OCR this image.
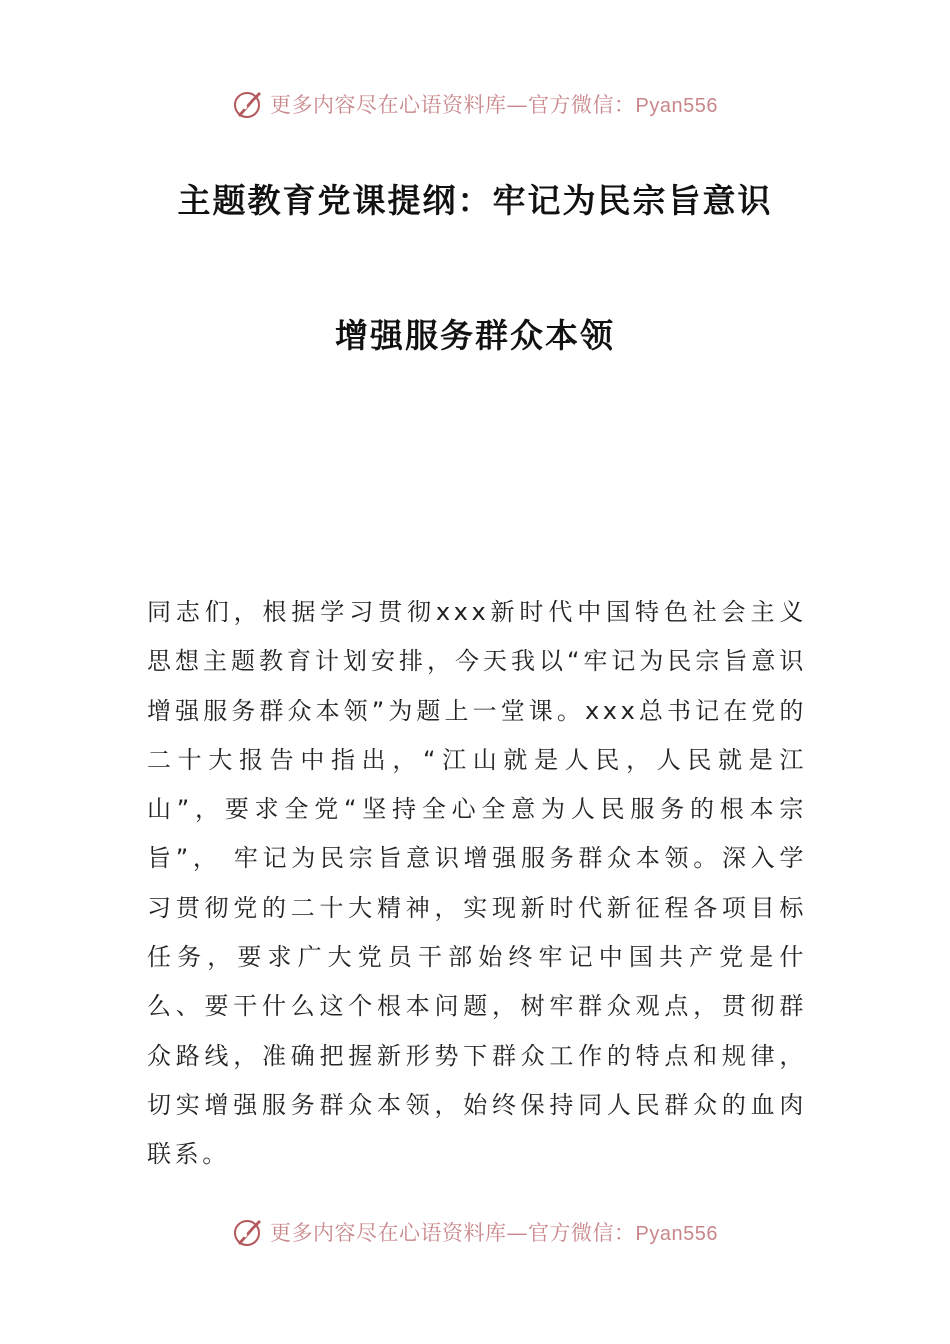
更多内容尽在心语资料库—官方微信：Pyan556
主题教育党课提纲：牢记为民宗旨意识
增强服务群众本领

同志们，根据学习贯彻xxx新时代中国特色社会主义思想主题教育计划安排，今天我以“牢记为民宗旨意识 增强服务群众本领”为题上一堂课。xxx总书记在党的二十大报告中指出，“江山就是人民，人民就是江山”，要求全党“坚持全心全意为人民服务的根本宗旨”， 牢记为民宗旨意识增强服务群众本领。深入学习贯彻党的二十大精神，实现新时代新征程各项目标任务，要求广大党员干部始终牢记中国共产党是什么、要干什么这个根本问题，树牢群众观点，贯彻群众路线，准确把握新形势下群众工作的特点和规律，切实增强服务群众本领，始终保持同人民群众的血肉联系。

更多内容尽在心语资料库—官方微信：Pyan556
